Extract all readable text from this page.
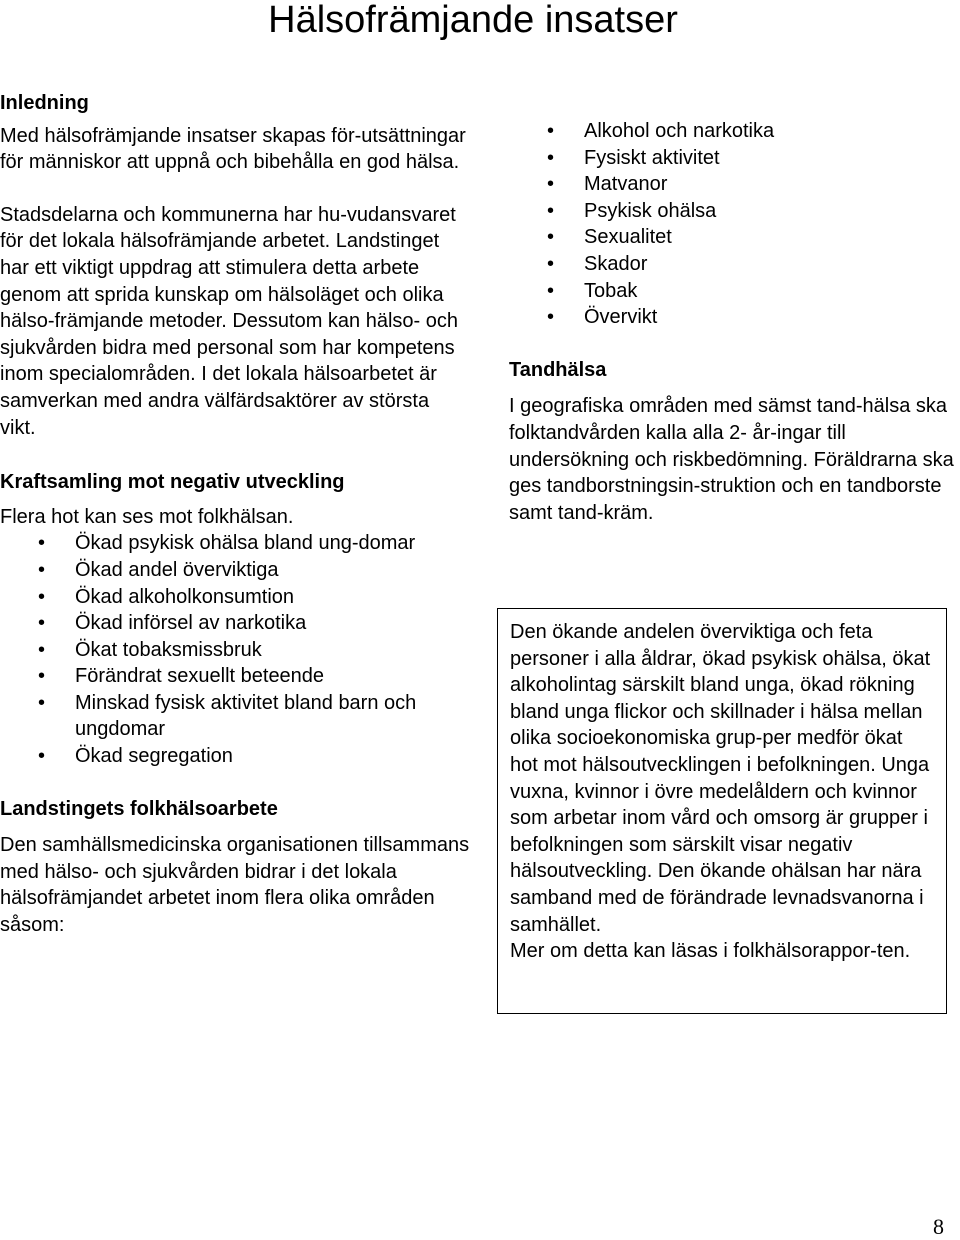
Hälsofrämjande insatser

Inledning

Med hälsofrämjande insatser skapas för-utsättningar för människor att uppnå och bibehålla en god hälsa.

Stadsdelarna och kommunerna har hu-vudansvaret för det lokala hälsofrämjande arbetet. Landstinget har ett viktigt uppdrag att stimulera detta arbete genom att sprida kunskap om hälsoläget och olika hälso-främjande metoder. Dessutom kan hälso- och sjukvården bidra med personal som har kompetens inom specialområden. I det lokala hälsoarbetet är samverkan med andra välfärdsaktörer av största vikt.

Kraftsamling mot negativ utveckling

Flera hot kan ses mot folkhälsan.

• Ökad psykisk ohälsa bland ung-domar
• Ökad andel överviktiga
• Ökad alkoholkonsumtion
• Ökad införsel av narkotika
• Ökat tobaksmissbruk
• Förändrat sexuellt beteende
• Minskad fysisk aktivitet bland barn och ungdomar
• Ökad segregation

Landstingets folkhälsoarbete

Den samhällsmedicinska organisationen tillsammans med hälso- och sjukvården bidrar i det lokala hälsofrämjandet arbetet inom flera olika områden såsom:

• Alkohol och narkotika
• Fysiskt aktivitet
• Matvanor
• Psykisk ohälsa
• Sexualitet
• Skador
• Tobak
• Övervikt

Tandhälsa

I geografiska områden med sämst tand-hälsa ska folktandvården kalla alla 2- år-ingar till undersökning och riskbedömning. Föräldrarna ska ges tandborstningsin-struktion och en tandborste samt tand-kräm.

Den ökande andelen överviktiga och feta personer i alla åldrar, ökad psykisk ohälsa, ökat alkoholintag särskilt bland unga, ökad rökning bland unga flickor och skillnader i hälsa mellan olika socioekonomiska grup-per medför ökat hot mot hälsoutvecklingen i befolkningen. Unga vuxna, kvinnor i övre medelåldern och kvinnor som arbetar inom vård och omsorg är grupper i befolkningen som särskilt visar negativ hälsoutveckling. Den ökande ohälsan har nära samband med de förändrade levnadsvanorna i samhället.

Mer om detta kan läsas i folkhälsorappor-ten.

8
